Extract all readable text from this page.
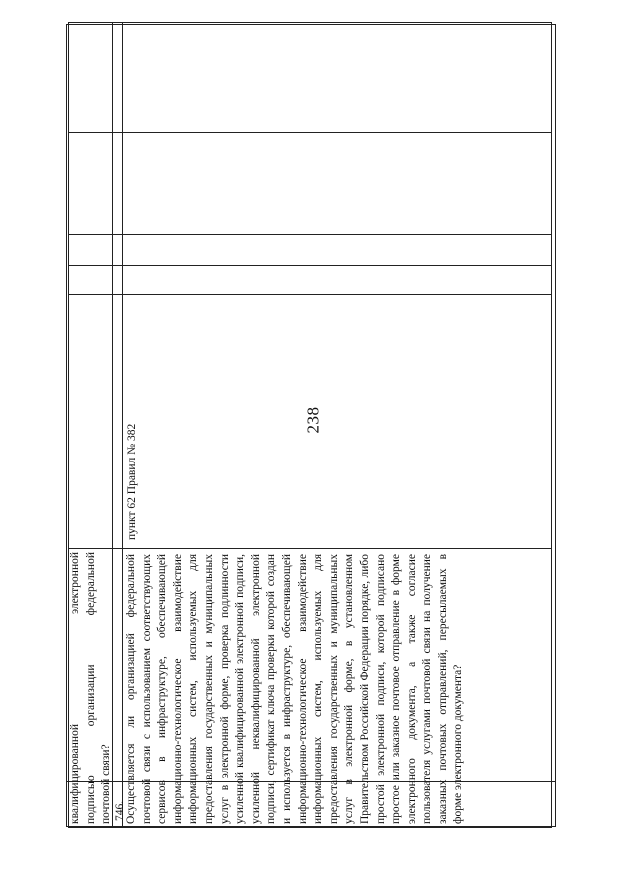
238
квалифицированной электронной подписью организации федеральной почтовой связи? 746. Осуществляется ли организацией федеральной почтовой связи с использованием соответствующих сервисов в инфраструктуре, обеспечивающей информационно-технологическое взаимодействие информационных систем, используемых для предоставления государственных и муниципальных услуг в электронной форме, проверка подлинности усиленной квалифицированной электронной подписи, усиленной неквалифицированной электронной подписи, сертификат ключа проверки которой создан и используется в инфраструктуре, обеспечивающей информационно-технологическое взаимодействие информационных систем, используемых для предоставления государственных и муниципальных услуг в электронной форме, в установленном Правительством Российской Федерации порядке, либо простой электронной подписи, которой подписано простое или заказное почтовое отправление в форме электронного документа, а также согласие пользователя услугами почтовой связи на получение заказных почтовых отправлений, пересылаемых в форме электронного документа?
пункт 62 Правил № 382
